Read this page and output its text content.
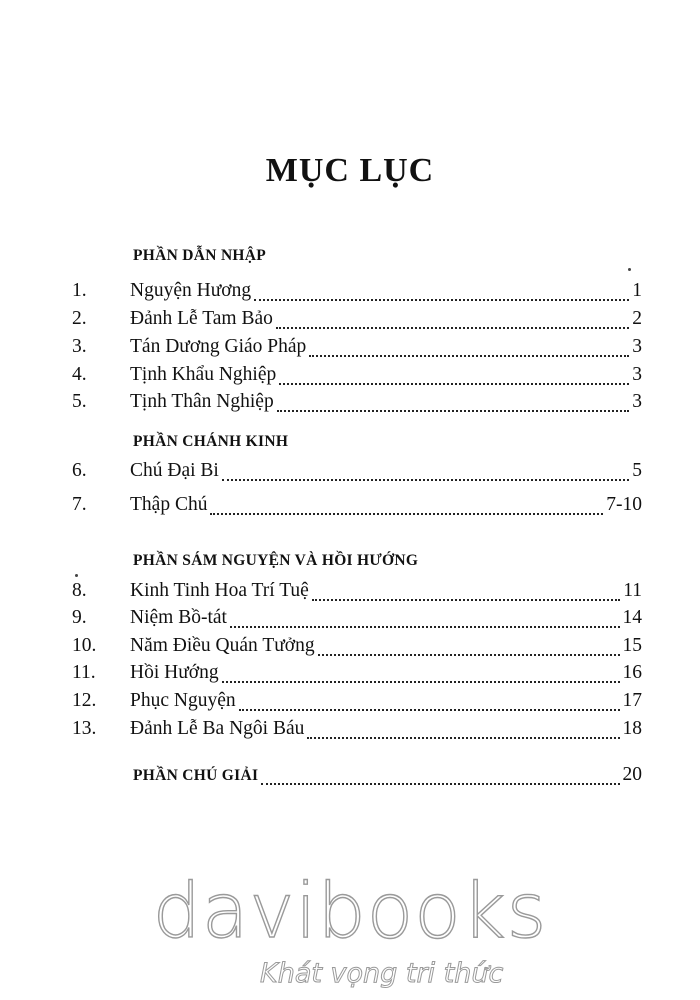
MỤC LỤC
PHẦN DẪN NHẬP
1.	Nguyện Hương	1
2.	Đảnh Lễ Tam Bảo	2
3.	Tán Dương Giáo Pháp	3
4.	Tịnh Khẩu Nghiệp	3
5.	Tịnh Thân Nghiệp	3
PHẦN CHÁNH KINH
6.	Chú Đại Bi	5
7.	Thập Chú	7-10
PHẦN SÁM NGUYỆN VÀ HỒI HƯỚNG
8.	Kinh Tinh Hoa Trí Tuệ	11
9.	Niệm Bồ-tát	14
10.	Năm Điều Quán Tưởng	15
11.	Hồi Hướng	16
12.	Phục Nguyện	17
13.	Đảnh Lễ Ba Ngôi Báu	18
PHẦN CHÚ GIẢI	20
davibooks
Khát vọng tri thức
